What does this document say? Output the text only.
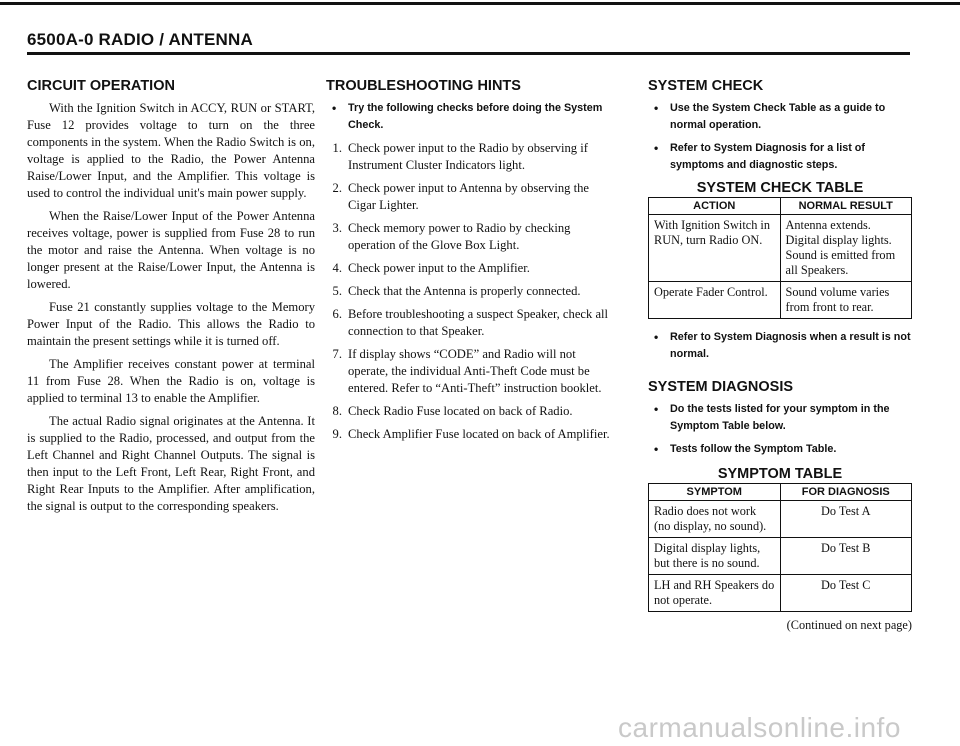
6500A-0 RADIO / ANTENNA
CIRCUIT OPERATION

With the Ignition Switch in ACCY, RUN or START, Fuse 12 provides voltage to turn on the three components in the system. When the Radio Switch is on, voltage is applied to the Radio, the Power Antenna Raise/Lower Input, and the Amplifier. This voltage is used to control the individual unit's main power supply.

When the Raise/Lower Input of the Power Antenna receives voltage, power is supplied from Fuse 28 to run the motor and raise the Antenna. When voltage is no longer present at the Raise/Lower Input, the Antenna is lowered.

Fuse 21 constantly supplies voltage to the Memory Power Input of the Radio. This allows the Radio to maintain the present settings while it is turned off.

The Amplifier receives constant power at terminal 11 from Fuse 28. When the Radio is on, voltage is applied to terminal 13 to enable the Amplifier.

The actual Radio signal originates at the Antenna. It is supplied to the Radio, processed, and output from the Left Channel and Right Channel Outputs. The signal is then input to the Left Front, Left Rear, Right Front, and Right Rear Inputs to the Amplifier. After amplification, the signal is output to the corresponding speakers.

TROUBLESHOOTING HINTS
• Try the following checks before doing the System Check.
1. Check power input to the Radio by observing if Instrument Cluster Indicators light.
2. Check power input to Antenna by observing the Cigar Lighter.
3. Check memory power to Radio by checking operation of the Glove Box Light.
4. Check power input to the Amplifier.
5. Check that the Antenna is properly connected.
6. Before troubleshooting a suspect Speaker, check all connection to that Speaker.
7. If display shows “CODE” and Radio will not operate, the individual Anti-Theft Code must be entered. Refer to “Anti-Theft” instruction booklet.
8. Check Radio Fuse located on back of Radio.
9. Check Amplifier Fuse located on back of Amplifier.
SYSTEM CHECK
• Use the System Check Table as a guide to normal operation.
• Refer to System Diagnosis for a list of symptoms and diagnostic steps.
SYSTEM CHECK TABLE
ACTION	NORMAL RESULT
With Ignition Switch in RUN, turn Radio ON.	Antenna extends. Digital display lights. Sound is emitted from all Speakers.
Operate Fader Control.	Sound volume varies from front to rear.
• Refer to System Diagnosis when a result is not normal.
SYSTEM DIAGNOSIS
• Do the tests listed for your symptom in the Symptom Table below.
• Tests follow the Symptom Table.
SYMPTOM TABLE
SYMPTOM	FOR DIAGNOSIS
Radio does not work (no display, no sound).	Do Test A
Digital display lights, but there is no sound.	Do Test B
LH and RH Speakers do not operate.	Do Test C
(Continued on next page)
carmanualsonline.info
